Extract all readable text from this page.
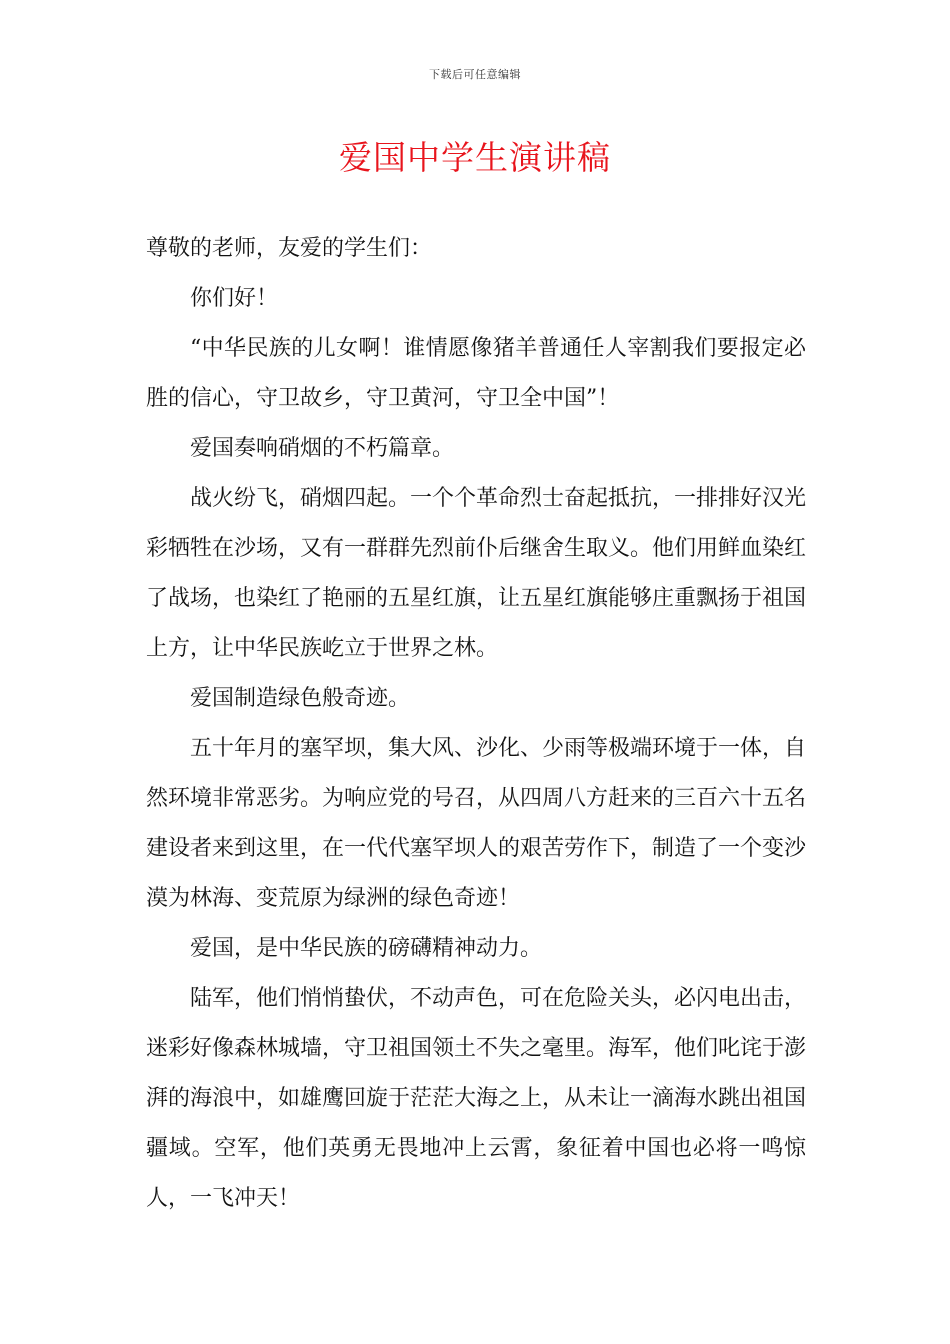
下载后可任意编辑
爱国中学生演讲稿

尊敬的老师，友爱的学生们：

你们好！

“中华民族的儿女啊！谁情愿像猪羊普通任人宰割我们要报定必胜的信心，守卫故乡，守卫黄河，守卫全中国”！

爱国奏响硝烟的不朽篇章。

战火纷飞，硝烟四起。一个个革命烈士奋起抵抗，一排排好汉光彩牺牲在沙场，又有一群群先烈前仆后继舍生取义。他们用鲜血染红了战场，也染红了艳丽的五星红旗，让五星红旗能够庄重飘扬于祖国上方，让中华民族屹立于世界之林。

爱国制造绿色般奇迹。

五十年月的塞罕坝，集大风、沙化、少雨等极端环境于一体，自然环境非常恶劣。为响应党的号召，从四周八方赶来的三百六十五名建设者来到这里，在一代代塞罕坝人的艰苦劳作下，制造了一个变沙漠为林海、变荒原为绿洲的绿色奇迹！

爱国，是中华民族的磅礴精神动力。

陆军，他们悄悄蛰伏，不动声色，可在危险关头，必闪电出击，迷彩好像森林城墙，守卫祖国领土不失之毫里。海军，他们叱诧于澎湃的海浪中，如雄鹰回旋于茫茫大海之上，从未让一滴海水跳出祖国疆域。空军，他们英勇无畏地冲上云霄，象征着中国也必将一鸣惊人，一飞冲天！
